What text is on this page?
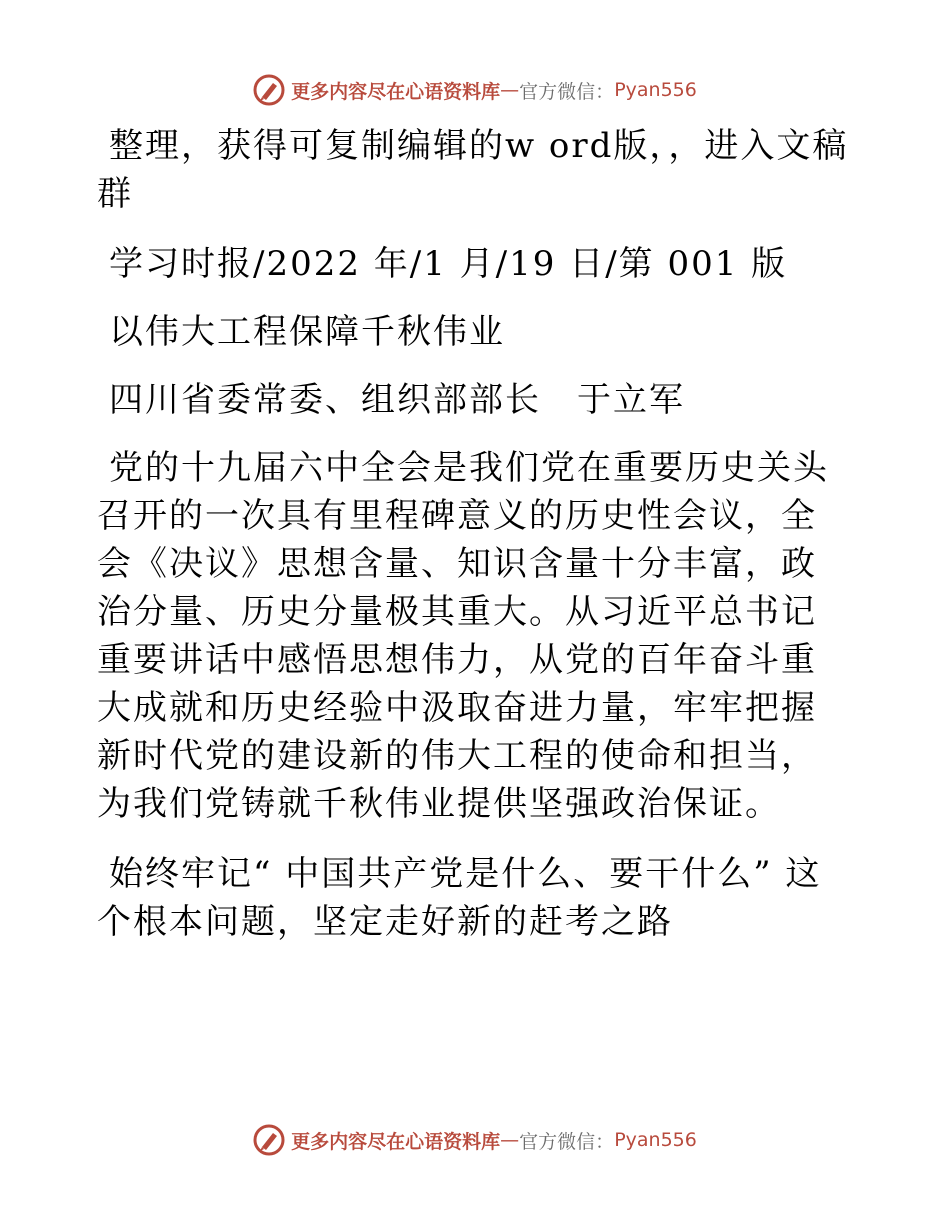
更多内容尽在心语资料库 — 官方微信： Pyan556

整理，获得可复制编辑的w ord版，，进入文稿群

学习时报/2022 年/1 月/19 日/第 001 版

以伟大工程保障千秋伟业

四川省委常委、组织部部长　于立军

党的十九届六中全会是我们党在重要历史关头召开的一次具有里程碑意义的历史性会议，全会《决议》思想含量、知识含量十分丰富，政治分量、历史分量极其重大。从习近平总书记重要讲话中感悟思想伟力，从党的百年奋斗重大成就和历史经验中汲取奋进力量，牢牢把握新时代党的建设新的伟大工程的使命和担当，为我们党铸就千秋伟业提供坚强政治保证。

始终牢记“ 中国共产党是什么、要干什么” 这个根本问题，坚定走好新的赶考之路

更多内容尽在心语资料库 — 官方微信： Pyan556
